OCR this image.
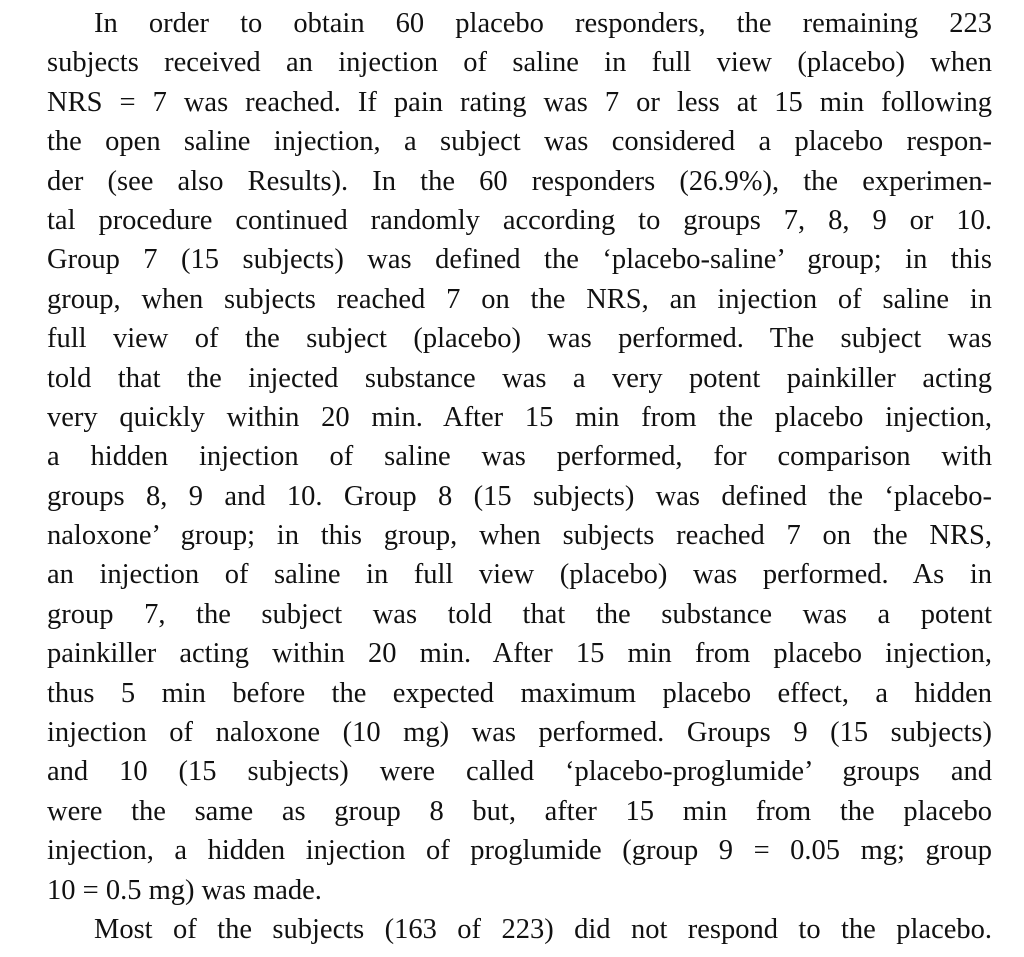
In order to obtain 60 placebo responders, the remaining 223
subjects received an injection of saline in full view (placebo) when
NRS = 7 was reached. If pain rating was 7 or less at 15 min following
the open saline injection, a subject was considered a placebo respon-
der (see also Results). In the 60 responders (26.9%), the experimen-
tal procedure continued randomly according to groups 7, 8, 9 or 10.
Group 7 (15 subjects) was defined the ‘placebo-saline’ group; in this
group, when subjects reached 7 on the NRS, an injection of saline in
full view of the subject (placebo) was performed. The subject was
told that the injected substance was a very potent painkiller acting
very quickly within 20 min. After 15 min from the placebo injection,
a hidden injection of saline was performed, for comparison with
groups 8, 9 and 10. Group 8 (15 subjects) was defined the ‘placebo-
naloxone’ group; in this group, when subjects reached 7 on the NRS,
an injection of saline in full view (placebo) was performed. As in
group 7, the subject was told that the substance was a potent
painkiller acting within 20 min. After 15 min from placebo injection,
thus 5 min before the expected maximum placebo effect, a hidden
injection of naloxone (10 mg) was performed. Groups 9 (15 subjects)
and 10 (15 subjects) were called ‘placebo-proglumide’ groups and
were the same as group 8 but, after 15 min from the placebo
injection, a hidden injection of proglumide (group 9 = 0.05 mg; group
10 = 0.5 mg) was made.
Most of the subjects (163 of 223) did not respond to the placebo.
